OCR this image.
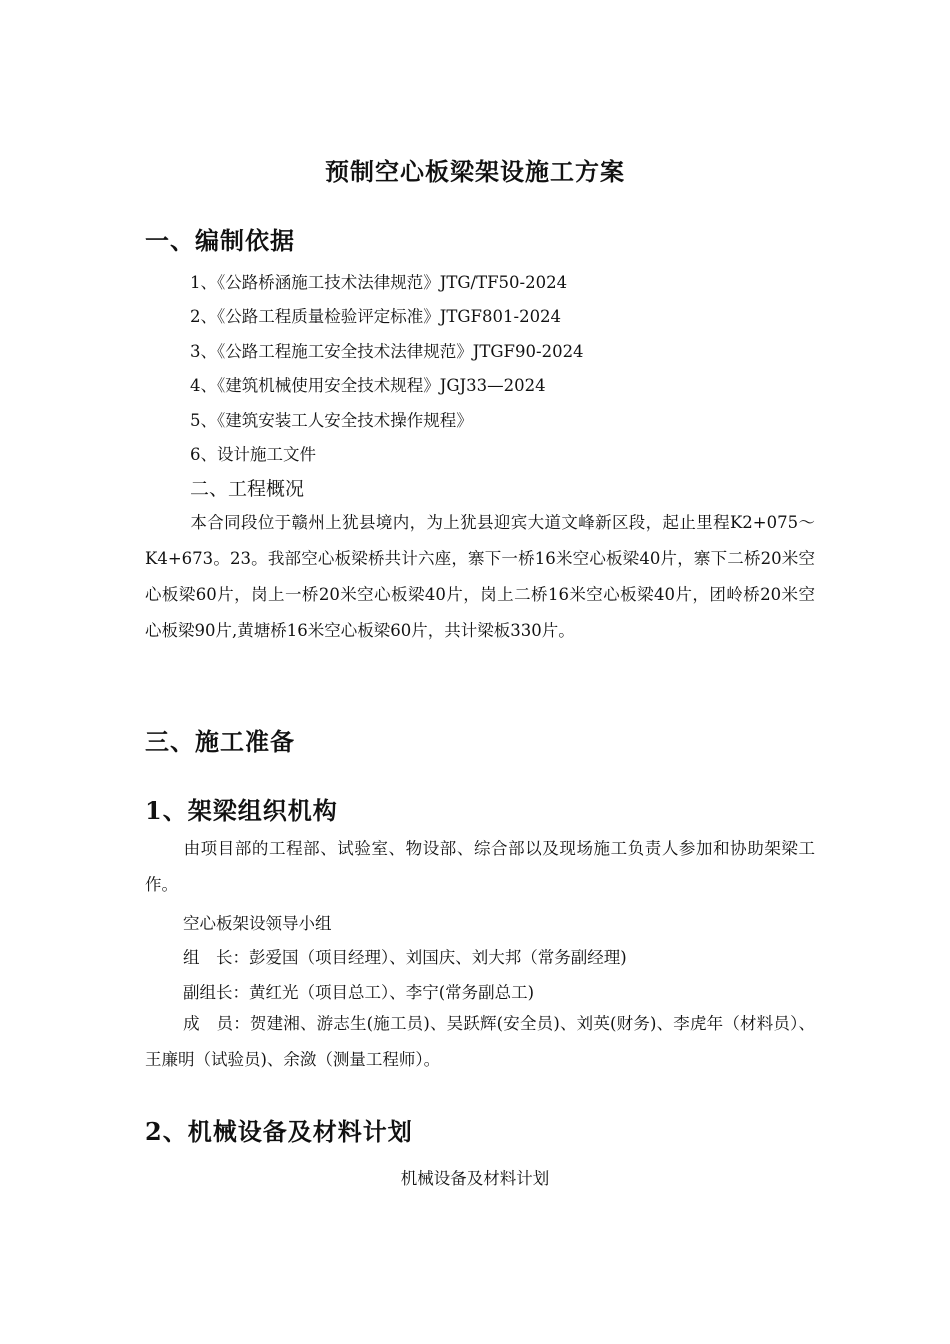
预制空心板梁架设施工方案
一、编制依据
1、《公路桥涵施工技术法律规范》JTG/TF50-2024
2、《公路工程质量检验评定标准》JTGF801-2024
3、《公路工程施工安全技术法律规范》JTGF90-2024
4、《建筑机械使用安全技术规程》JGJ33—2024
5、《建筑安装工人安全技术操作规程》
6、设计施工文件
二、工程概况
本合同段位于赣州上犹县境内，为上犹县迎宾大道文峰新区段，起止里程K2+075～K4+673。23。我部空心板梁桥共计六座，寨下一桥16米空心板梁40片，寨下二桥20米空心板梁60片，岗上一桥20米空心板梁40片，岗上二桥16米空心板梁40片，团岭桥20米空心板梁90片,黄塘桥16米空心板梁60片，共计梁板330片。
三、施工准备
1、架梁组织机构
由项目部的工程部、试验室、物设部、综合部以及现场施工负责人参加和协助架梁工作。
空心板架设领导小组
组　长：彭爱国（项目经理）、刘国庆、刘大邦（常务副经理)
副组长：黄红光（项目总工）、李宁(常务副总工)
成　员：贺建湘、游志生(施工员)、吴跃辉(安全员)、刘英(财务)、李虎年（材料员）、王廉明（试验员)、余潋（测量工程师）。
2、机械设备及材料计划
机械设备及材料计划
